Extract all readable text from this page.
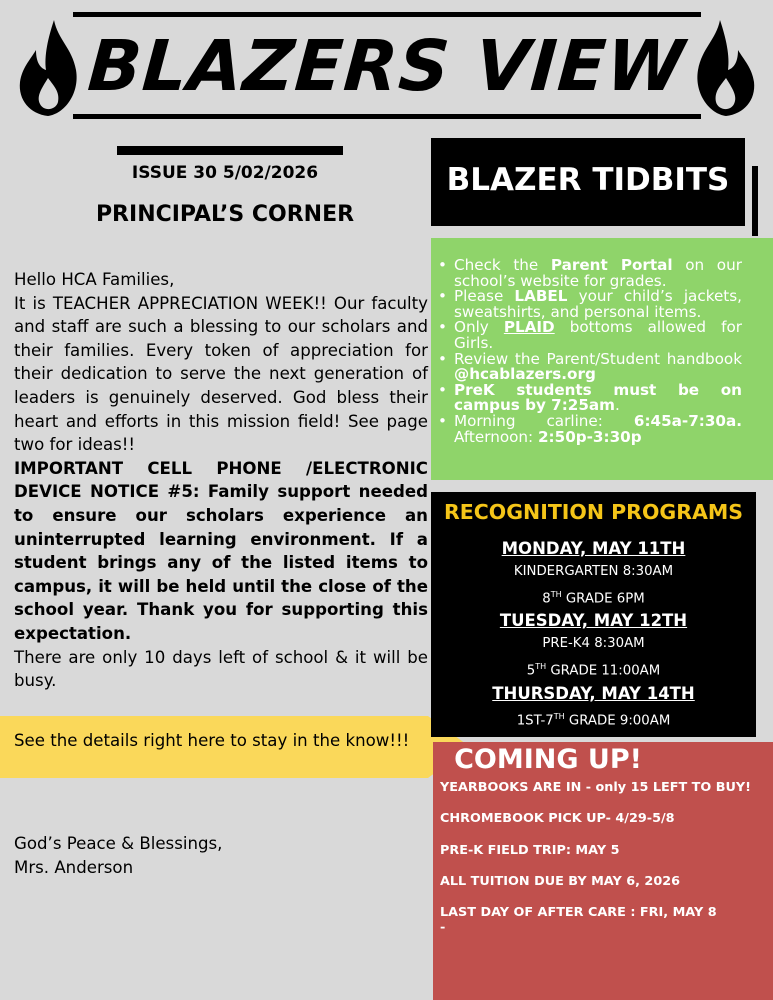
BLAZERS VIEW
ISSUE 30 5/02/2026
PRINCIPAL’S CORNER

Hello HCA Families,

It is TEACHER APPRECIATION WEEK!! Our faculty and staff are such a blessing to our scholars and their families. Every token of appreciation for their dedication to serve the next generation of leaders is genuinely deserved. God bless their heart and efforts in this mission field! See page two for ideas!!

IMPORTANT CELL PHONE /ELECTRONIC DEVICE NOTICE #5: Family support needed to ensure our scholars experience an uninterrupted learning environment. If a student brings any of the listed items to campus, it will be held until the close of the school year. Thank you for supporting this expectation.

There are only 10 days left of school & it will be busy.

See the details right here to stay in the know!!!
God’s Peace & Blessings,
Mrs. Anderson
BLAZER TIDBITS
• Check the Parent Portal on our school’s website for grades.
• Please LABEL your child’s jackets, sweatshirts, and personal items.
• Only PLAID bottoms allowed for Girls.
• Review the Parent/Student handbook @hcablazers.org
• PreK students must be on campus by 7:25am.
• Morning carline: 6:45a-7:30a. Afternoon: 2:50p-3:30p
RECOGNITION PROGRAMS
MONDAY, MAY 11TH
KINDERGARTEN 8:30AM
8TH GRADE 6PM
TUESDAY, MAY 12TH
PRE-K4 8:30AM
5TH GRADE 11:00AM
THURSDAY, MAY 14TH
1ST-7TH GRADE 9:00AM
COMING UP!
YEARBOOKS ARE IN - only 15 LEFT TO BUY!
CHROMEBOOK PICK UP- 4/29-5/8
PRE-K FIELD TRIP: MAY 5
ALL TUITION DUE BY MAY 6, 2026
LAST DAY OF AFTER CARE : FRI, MAY 8
-
